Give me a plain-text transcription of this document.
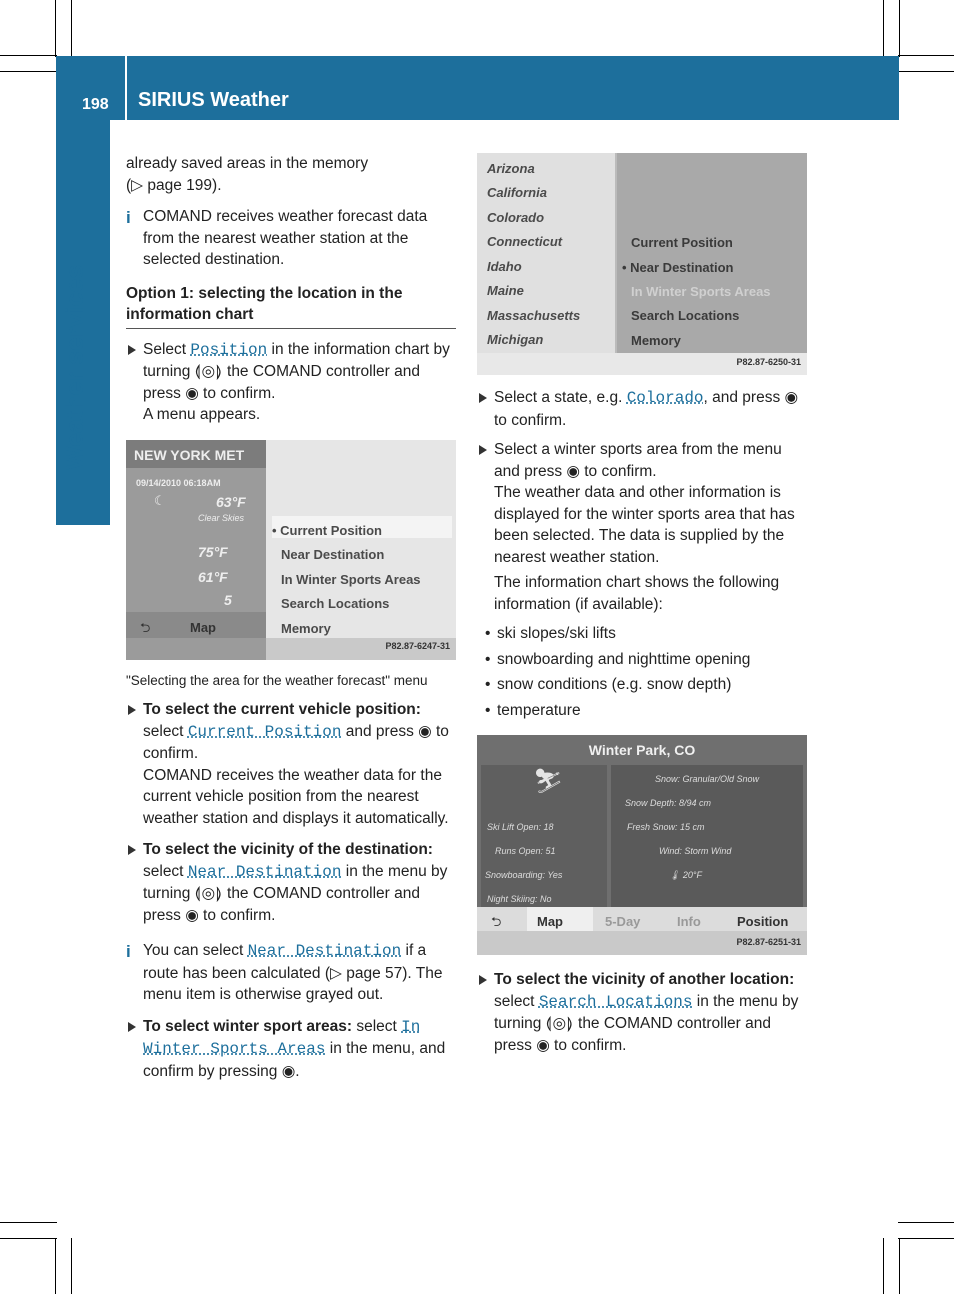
198 SIRIUS Weather
Weather services

already saved areas in the memory
(▷ page 199).

i COMAND receives weather forecast data from the nearest weather station at the selected destination.
Option 1: selecting the location in the information chart
Select Position in the information chart by turning ⟬◎⟭ the COMAND controller and press ◉ to confirm.
A menu appears.
NEW YORK MET
09/14/2010 06:18AM
☾	63°F
Clear Skies
75°F
61°F
5
⮌	Map
• Current Position
Near Destination
In Winter Sports Areas
Search Locations
Memory
P82.87-6247-31
"Selecting the area for the weather forecast" menu
To select the current vehicle position: select Current Position and press ◉ to confirm.
COMAND receives the weather data for the current vehicle position from the nearest weather station and displays it automatically.
To select the vicinity of the destination: select Near Destination in the menu by turning ⟬◎⟭ the COMAND controller and press ◉ to confirm.
i You can select Near Destination if a route has been calculated (▷ page 57). The menu item is otherwise grayed out.
To select winter sport areas: select In Winter Sports Areas in the menu, and confirm by pressing ◉.
Arizona
California
Colorado
Connecticut
Idaho
Maine
Massachusetts
Michigan
Current Position
• Near Destination
In Winter Sports Areas
Search Locations
Memory
P82.87-6250-31
Select a state, e.g. Colorado, and press ◉ to confirm.
Select a winter sports area from the menu and press ◉ to confirm.
The weather data and other information is displayed for the winter sports area that has been selected. The data is supplied by the nearest weather station.
The information chart shows the following information (if available):
• ski slopes/ski lifts
• snowboarding and nighttime opening
• snow conditions (e.g. snow depth)
• temperature
Winter Park, CO
⛷
Ski Lift Open: 18
Runs Open: 51
Snowboarding: Yes
Night Skiing: No
Snow: Granular/Old Snow
Snow Depth: 8/94 cm
Fresh Snow: 15 cm
Wind: Storm Wind
🌡 20°F
⮌	Map	5-Day	Info	Position
P82.87-6251-31
To select the vicinity of another location: select Search Locations in the menu by turning ⟬◎⟭ the COMAND controller and press ◉ to confirm.
